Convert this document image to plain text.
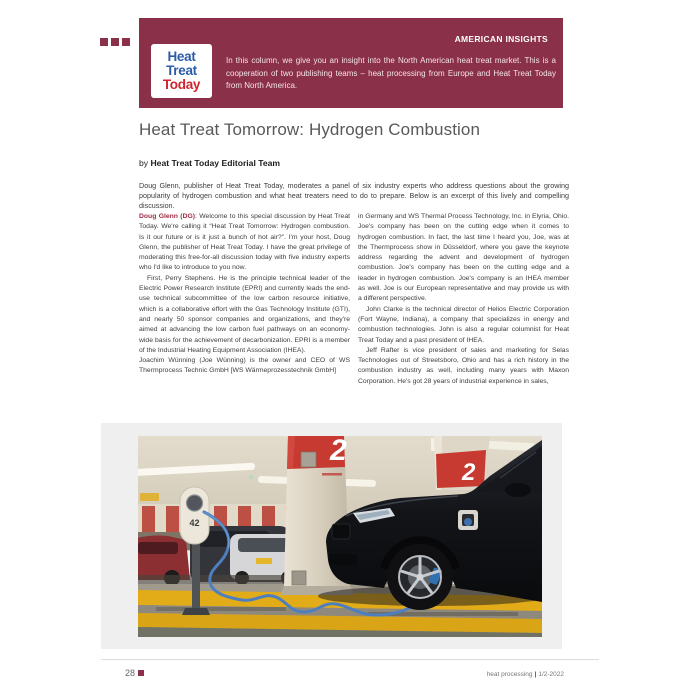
Heat
Treat
Today
AMERICAN INSIGHTS
In this column, we give you an insight into the North American heat treat market. This is a cooperation of two publishing teams – heat processing from Europe and Heat Treat Today from North America.
Heat Treat Tomorrow: Hydrogen Combustion
by Heat Treat Today Editorial Team
Doug Glenn, publisher of Heat Treat Today, moderates a panel of six industry experts who address questions about the growing popularity of hydrogen combustion and what heat treaters need to do to prepare. Below is an excerpt of this lively and compelling discussion.

Doug Glenn (DG): Welcome to this special discussion by Heat Treat Today. We're calling it “Heat Treat Tomorrow: Hydrogen combustion. Is it our future or is it just a bunch of hot air?”. I'm your host, Doug Glenn, the publisher of Heat Treat Today. I have the great privilege of moderating this free-for-all discussion today with five industry experts who I'd like to introduce to you now.

First, Perry Stephens. He is the principle technical leader of the Electric Power Research Institute (EPRI) and currently leads the end-use technical subcommittee of the low carbon resource initiative, which is a collaborative effort with the Gas Technology Institute (GTI), and nearly 50 sponsor companies and organizations, and they're aimed at advancing the low carbon fuel pathways on an economy-wide basis for the achievement of decarbonization. EPRI is a member of the Industrial Heating Equipment Association (IHEA).

Joachim Wünning (Joe Wünning) is the owner and CEO of WS Thermprocess Technic GmbH [WS Wärmeprozesstechnik GmbH]

in Germany and WS Thermal Process Technology, Inc. in Elyria, Ohio. Joe's company has been on the cutting edge when it comes to hydrogen combustion. In fact, the last time I heard you, Joe, was at the Thermprocess show in Düsseldorf, where you gave the keynote address regarding the advent and development of hydrogen combustion. Joe's company has been on the cutting edge and a leader in hydrogen combustion. Joe's company is an IHEA member as well. Joe is our European representative and may provide us with a different perspective.

John Clarke is the technical director of Helios Electric Corporation (Fort Wayne, Indiana), a company that specializes in energy and combustion technologies. John is also a regular columnist for Heat Treat Today and a past president of IHEA.

Jeff Rafter is vice president of sales and marketing for Selas Technologies out of Streetsboro, Ohio and has a rich history in the combustion industry as well, including many years with Maxon Corporation. He's got 28 years of industrial experience in sales,

2
2
42
28	heat processing | 1/2-2022
